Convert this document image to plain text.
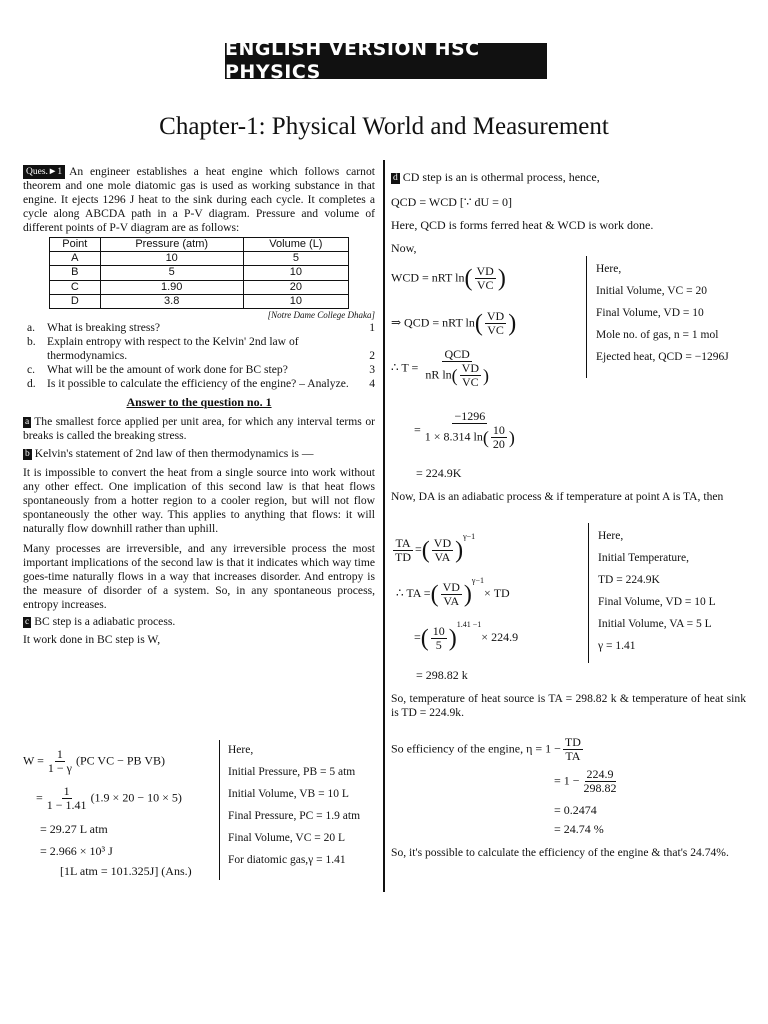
ENGLISH VERSION HSC PHYSICS
Chapter-1: Physical World and Measurement
Ques.►1 An engineer establishes a heat engine which follows carnot theorem and one mole diatomic gas is used as working substance in that engine. It ejects 1296 J heat to the sink during each cycle. It completes a cycle along ABCDA path in a P-V diagram. Pressure and volume of different points of P-V diagram are as follows:
Point	Pressure (atm)	Volume (L)
A	10	5
B	5	10
C	1.90	20
D	3.8	10
[Notre Dame College Dhaka]
a.	What is breaking stress?	1
b. Explain entropy with respect to the Kelvin' 2nd law of thermodynamics.	2
c.	What will be the amount of work done for BC step?	3
d. Is it possible to calculate the efficiency of the engine? – Analyze.	4
Answer to the question no. 1
a The smallest force applied per unit area, for which any interval terms or breaks is called the breaking stress.
b Kelvin's statement of 2nd law of then thermodynamics is —
It is impossible to convert the heat from a single source into work without any other effect. One implication of this second law is that heat flows spontaneously from a hotter region to a cooler region, but will not flow spontaneously the other way. This applies to anything that flows: it will naturally flow downhill rather than uphill.
Many processes are irreversible, and any irreversible process the most important implications of the second law is that it indicates which way time goes-time naturally flows in a way that increases disorder. And entropy is the measure of disorder of a system. So, in any spontaneous process, entropy increases.
c BC step is a adiabatic process.
It work done in BC step is W,
$W = \frac{1}{1 - \gamma} (PC$ VC − PB VB)
= $\frac{1}{1 - 1.41} (1.9 \times 20 - 10 \times 5)$
= 29.27 L atm
= 2.966 × 10³ J
[1L atm = 101.325J] (Ans.)
Here,
Initial Pressure, PB = 5 atm
Initial Volume, VB = 10 L
Final Pressure, PC = 1.9 atm
Final Volume, VC = 20 L
For diatomic gas,γ = 1.41
d CD step is an is othermal process, hence,
QCD = WCD [∵ dU = 0]
Here, QCD is forms ferred heat & WCD is work done.
Now,
WCD = nRT $\ln( \frac{VD}{VC}$ )
⇒ QCD = nRT $\ln( \frac{VD}{VC}$ )
∴ $T = \frac{\text{QCD}}{nR \ln( \frac{VD}{VC} )}$
= $\frac{-1296}{1 \times 8.314 \ln( \frac{10}{20} )}$
= 224.9K
Here,
Initial Volume, VC = 20
Final Volume, VD = 10
Mole no. of gas, n = 1 mol
Ejected heat, QCD = −1296J
Now, DA is an adiabatic process & if temperature at point A is TA, then
$\frac{TA}{TD}$ =( $\frac{VD}{VA} )^{\gamma-1}$
∴ TA =( $\frac{VD}{VA} )^{\gamma-1}\times$ TD
=( $\frac{10}{5} )^{1.41 -1}\times 224.9$
= 298.82 k
Here,
Initial Temperature,
TD = 224.9K
Final Volume, VD = 10 L
Initial Volume, VA = 5 L
γ = 1.41
So, temperature of heat source is TA = 298.82 k & temperature of heat sink is TD = 224.9k.
So efficiency of the engine, $\eta = 1 - \frac{TD}{TA}$
= $1 - \frac{224.9}{298.82}$
= 0.2474
= 24.74 %
So, it's possible to calculate the efficiency of the engine & that's 24.74%.
